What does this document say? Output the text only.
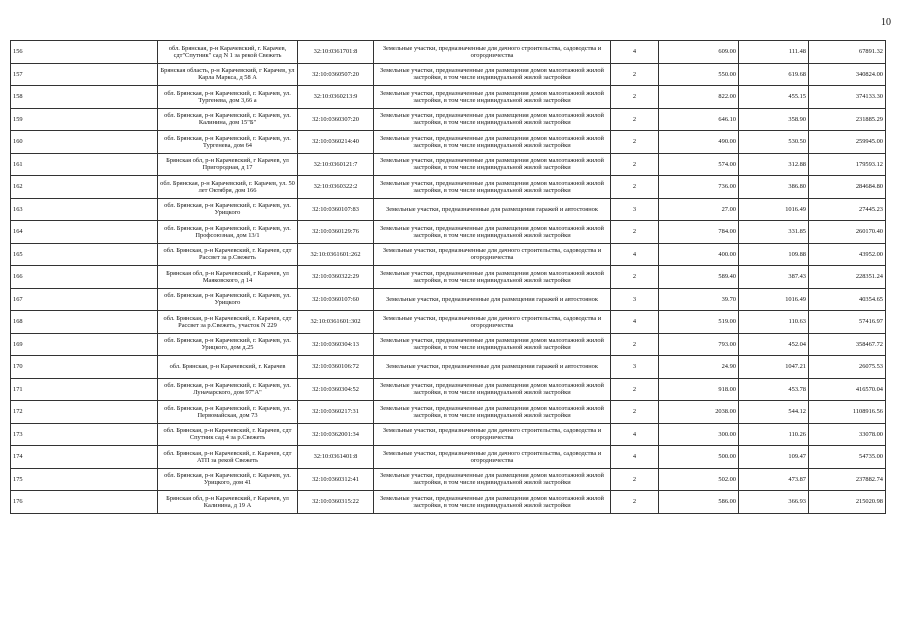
10
156	обл. Брянская, р-н Карачевский, г. Карачев, сдт"Спутник" сад N 1 за рекой Свежеть	32:10:0361701:8	Земельные участки, предназначенные для дачного строительства, садоводства и огородничества	4	609.00	111.48	67891.32
157	Брянская область, р-н Карачевский, г Карачев, ул Карла Маркса, д 58 А	32:10:0360507:20	Земельные участки, предназначенные для размещения домов малоэтажной жилой застройки, в том числе индивидуальной жилой застройки	2	550.00	619.68	340824.00
158	обл. Брянская, р-н Карачевский, г. Карачев, ул. Тургенева, дом 3,66 а	32:10:0360213:9	Земельные участки, предназначенные для размещения домов малоэтажной жилой застройки, в том числе индивидуальной жилой застройки	2	822.00	455.15	374133.30
159	обл. Брянская, р-н Карачевский, г. Карачев, ул. Калинина, дом 15"Б"	32:10:0360307:20	Земельные участки, предназначенные для размещения домов малоэтажной жилой застройки, в том числе индивидуальной жилой застройки	2	646.10	358.90	231885.29
160	обл. Брянская, р-н Карачевский, г. Карачев, ул. Тургенева, дом 64	32:10:0360214:40	Земельные участки, предназначенные для размещения домов малоэтажной жилой застройки, в том числе индивидуальной жилой застройки	2	490.00	530.50	259945.00
161	Брянская обл, р-н Карачевский, г Карачев, ул Пригородная, д 17	32:10:0360121:7	Земельные участки, предназначенные для размещения домов малоэтажной жилой застройки, в том числе индивидуальной жилой застройки	2	574.00	312.88	179593.12
162	обл. Брянская, р-н Карачевский, г. Карачев, ул. 50 лет Октября, дом 166	32:10:0360322:2	Земельные участки, предназначенные для размещения домов малоэтажной жилой застройки, в том числе индивидуальной жилой застройки	2	736.00	386.80	284684.80
163	обл. Брянская, р-н Карачевский, г. Карачев, ул. Урицкого	32:10:0360107:83	Земельные участки, предназначенные для размещения гаражей и автостоянок	3	27.00	1016.49	27445.23
164	обл. Брянская, р-н Карачевский, г. Карачев, ул. Профсоюзная, дом 13/1	32:10:0360129:76	Земельные участки, предназначенные для размещения домов малоэтажной жилой застройки, в том числе индивидуальной жилой застройки	2	784.00	331.85	260170.40
165	обл. Брянская, р-н Карачевский, г. Карачев, сдт Рассвет за р.Свежеть	32:10:0361601:262	Земельные участки, предназначенные для дачного строительства, садоводства и огородничества	4	400.00	109.88	43952.00
166	Брянская обл, р-н Карачевский, г Карачев, ул Маяковского, д 14	32:10:0360322:29	Земельные участки, предназначенные для размещения домов малоэтажной жилой застройки, в том числе индивидуальной жилой застройки	2	589.40	387.43	228351.24
167	обл. Брянская, р-н Карачевский, г. Карачев, ул. Урицкого	32:10:0360107:60	Земельные участки, предназначенные для размещения гаражей и автостоянок	3	39.70	1016.49	40354.65
168	обл. Брянская, р-н Карачевский, г. Карачев, сдт Рассвет за р.Свежеть, участок N 229	32:10:0361601:302	Земельные участки, предназначенные для дачного строительства, садоводства и огородничества	4	519.00	110.63	57416.97
169	обл. Брянская, р-н Карачевский, г. Карачев, ул. Урицкого, дом д.25	32:10:0360304:13	Земельные участки, предназначенные для размещения домов малоэтажной жилой застройки, в том числе индивидуальной жилой застройки	2	793.00	452.04	358467.72
170	обл. Брянская, р-н Карачевский, г. Карачев	32:10:0360106:72	Земельные участки, предназначенные для размещения гаражей и автостоянок	3	24.90	1047.21	26075.53
171	обл. Брянская, р-н Карачевский, г. Карачев, ул. Луначарского, дом 97"А"	32:10:0360304:52	Земельные участки, предназначенные для размещения домов малоэтажной жилой застройки, в том числе индивидуальной жилой застройки	2	918.00	453.78	416570.04
172	обл. Брянская, р-н Карачевский, г. Карачев, ул. Первомайская, дом 73	32:10:0360217:31	Земельные участки, предназначенные для размещения домов малоэтажной жилой застройки, в том числе индивидуальной жилой застройки	2	2038.00	544.12	1108916.56
173	обл. Брянская, р-н Карачевский, г. Карачев, сдт Спутник сад 4 за р.Свежеть	32:10:0362001:34	Земельные участки, предназначенные для дачного строительства, садоводства и огородничества	4	300.00	110.26	33078.00
174	обл. Брянская, р-н Карачевский, г. Карачев, сдт АТП за рекой Свежеть	32:10:0361401:8	Земельные участки, предназначенные для дачного строительства, садоводства и огородничества	4	500.00	109.47	54735.00
175	обл. Брянская, р-н Карачевский, г. Карачев, ул. Урицкого, дом 41	32:10:0360312:41	Земельные участки, предназначенные для размещения домов малоэтажной жилой застройки, в том числе индивидуальной жилой застройки	2	502.00	473.87	237882.74
176	Брянская обл, р-н Карачевский, г Карачев, ул Калинина, д 19 А	32:10:0360315:22	Земельные участки, предназначенные для размещения домов малоэтажной жилой застройки, в том числе индивидуальной жилой застройки	2	586.00	366.93	215020.98
